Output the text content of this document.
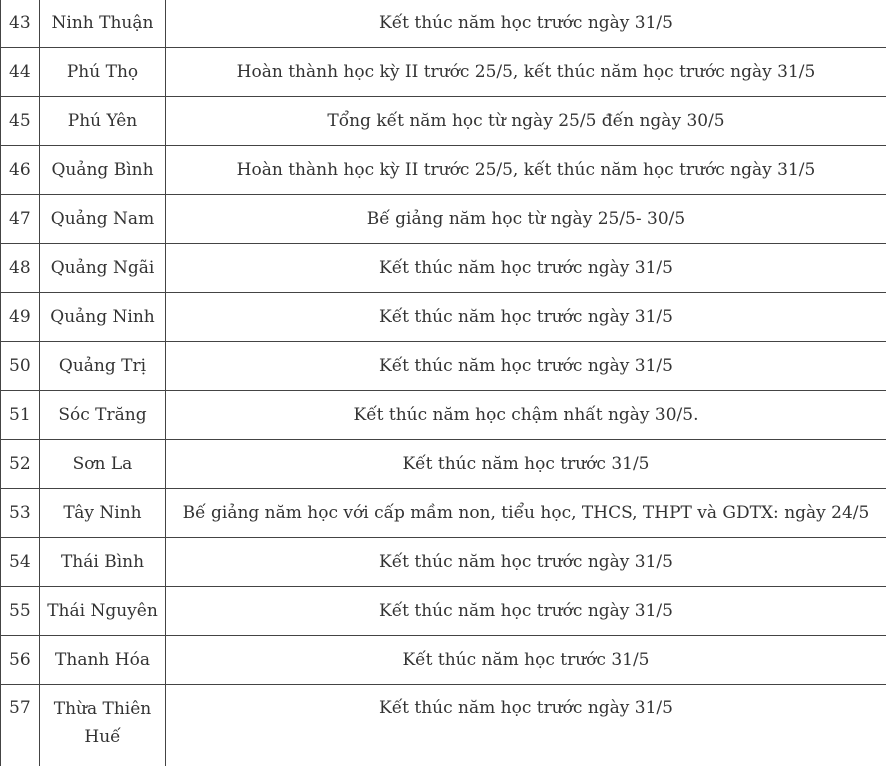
43	Ninh Thuận	Kết thúc năm học trước ngày 31/5
44	Phú Thọ	Hoàn thành học kỳ II trước 25/5, kết thúc năm học trước ngày 31/5
45	Phú Yên	Tổng kết năm học từ ngày 25/5 đến ngày 30/5
46	Quảng Bình	Hoàn thành học kỳ II trước 25/5, kết thúc năm học trước ngày 31/5
47	Quảng Nam	Bế giảng năm học từ ngày 25/5- 30/5
48	Quảng Ngãi	Kết thúc năm học trước ngày 31/5
49	Quảng Ninh	Kết thúc năm học trước ngày 31/5
50	Quảng Trị	Kết thúc năm học trước ngày 31/5
51	Sóc Trăng	Kết thúc năm học chậm nhất ngày 30/5.
52	Sơn La	Kết thúc năm học trước 31/5
53	Tây Ninh	Bế giảng năm học với cấp mầm non, tiểu học, THCS, THPT và GDTX: ngày 24/5
54	Thái Bình	Kết thúc năm học trước ngày 31/5
55	Thái Nguyên	Kết thúc năm học trước ngày 31/5
56	Thanh Hóa	Kết thúc năm học trước 31/5
57	Thừa Thiên Huế	Kết thúc năm học trước ngày 31/5
